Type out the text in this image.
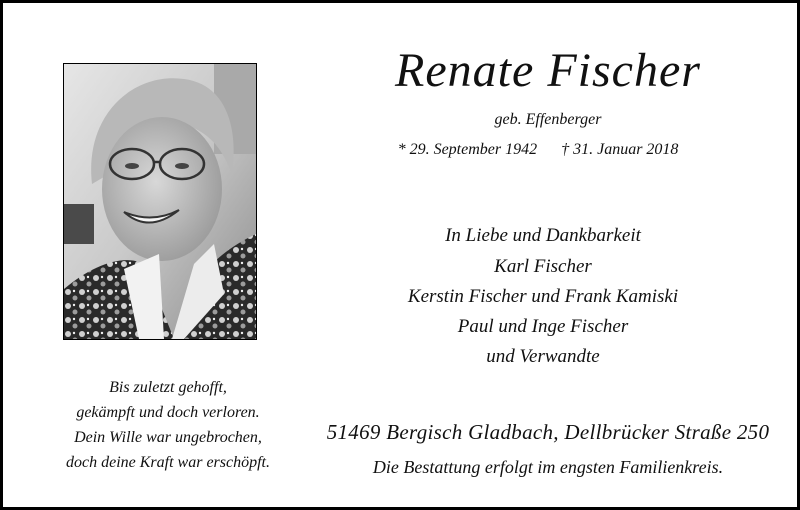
Renate Fischer
geb. Effenberger
* 29. September 1942 † 31. Januar 2018
In Liebe und Dankbarkeit
Karl Fischer
Kerstin Fischer und Frank Kamiski
Paul und Inge Fischer
und Verwandte
Bis zuletzt gehofft,
gekämpft und doch verloren.
Dein Wille war ungebrochen,
doch deine Kraft war erschöpft.
51469 Bergisch Gladbach, Dellbrücker Straße 250
Die Bestattung erfolgt im engsten Familienkreis.
